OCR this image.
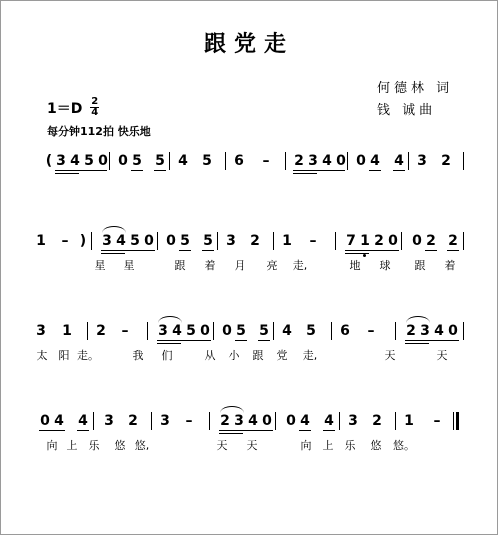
跟党走
何德林 词
钱 诚曲
$1=D \frac{2}{4}$
每分钟112拍 快乐地
( 3 4 5 0 0 5 5 4 5 6	–	2 3 4 0 0 4 4 3 2
1	– )	3 4 5 0 0 5 5 3 2 1	–	7 1 2 0 0 2 2
星	星	跟	着	月	亮	走,	地	球	跟	着
3 1 2	–	3 4 5 0 0 5 5 4 5 6	–	2 3 4 0
太	阳 走。	我	们	从	小	跟	党	走,	天	天
0 4 4 3 2 3	–	2 3 4 0 0 4 4 3 2 1	–
向 上	乐	悠 悠,	天	天	向	上	乐	悠	悠。
